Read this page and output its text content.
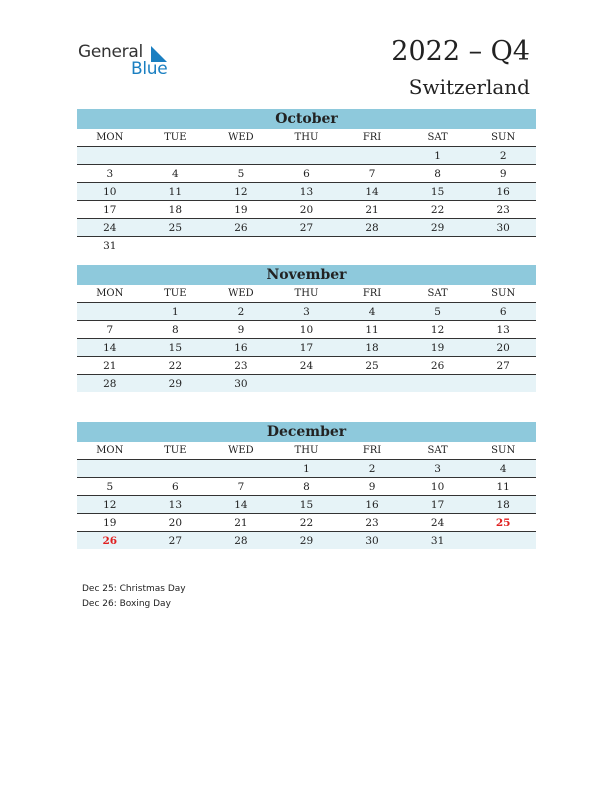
General
Blue
2022 – Q4
Switzerland
October
MON	TUE	WED	THU	FRI	SAT	SUN
					1	2
3	4	5	6	7	8	9
10	11	12	13	14	15	16
17	18	19	20	21	22	23
24	25	26	27	28	29	30
31						
November
MON	TUE	WED	THU	FRI	SAT	SUN
	1	2	3	4	5	6
7	8	9	10	11	12	13
14	15	16	17	18	19	20
21	22	23	24	25	26	27
28	29	30				
December
MON	TUE	WED	THU	FRI	SAT	SUN
			1	2	3	4
5	6	7	8	9	10	11
12	13	14	15	16	17	18
19	20	21	22	23	24	25
26	27	28	29	30	31	
Dec 25: Christmas Day
Dec 26: Boxing Day
